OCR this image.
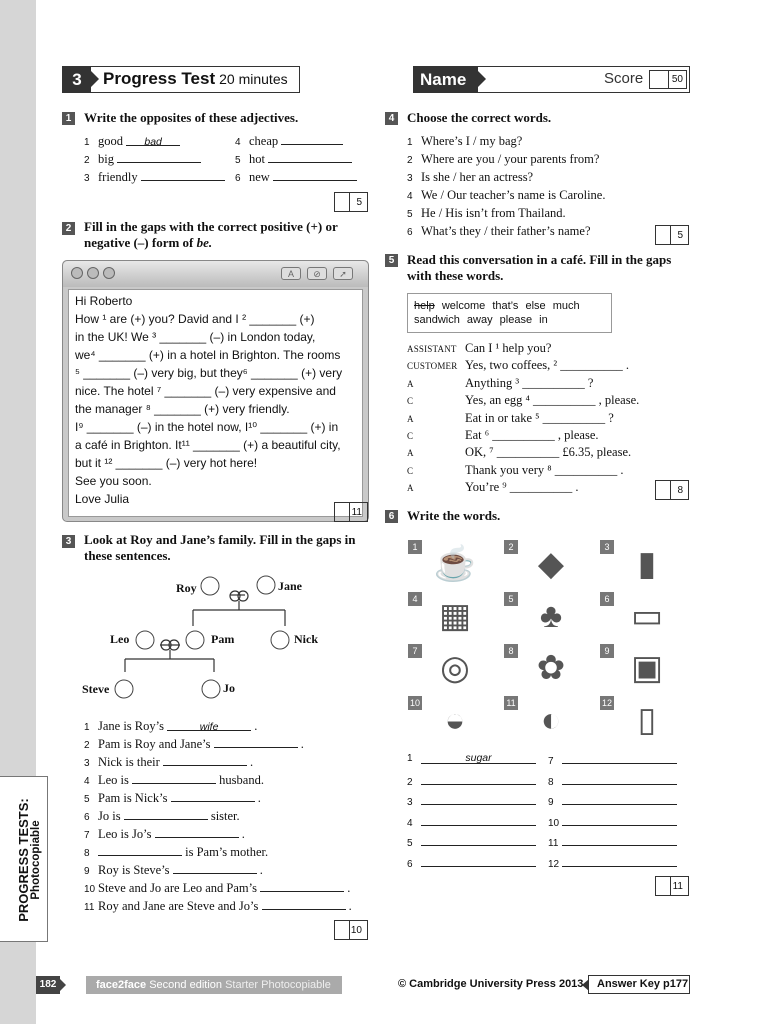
PROGRESS TESTS: Photocopiable
3	Progress Test 20 minutes	Name	Score	50
1 Write the opposites of these adjectives.
5
2 Fill in the gaps with the correct positive (+) or
negative (–) form of be.
A	⊘	➚
Hi Roberto
How ¹ are (+) you? David and I ² _______ (+)
in the UK! We ³ _______ (–) in London today,
we⁴ _______ (+) in a hotel in Brighton. The rooms
⁵ _______ (–) very big, but they⁶ _______ (+) very
nice. The hotel ⁷ _______ (–) very expensive and
the manager ⁸ _______ (+) very friendly.
I⁹ _______ (–) in the hotel now, I¹⁰ _______ (+) in
a café in Brighton. It¹¹ _______ (+) a beautiful city,
but it ¹² _______ (–) very hot here!
See you soon.
Love Julia
11
3 Look at Roy and Jane’s family. Fill in the gaps in
these sentences.
Roy	Jane
Leo	Pam	Nick
Steve	Jo
10
4 Choose the correct words.
5
5 Read this conversation in a café. Fill in the gaps
with these words.
help welcome that’s else much sandwich away please in
8
6 Write the words.
11
182	face2face Second edition Starter Photocopiable	© Cambridge University Press 2013	Answer Key p177
1 good bad
2 big
3 friendly
4 cheap
5 hot
6 new
1 Jane is Roy’s	wife	.
2 Pam is Roy and Jane’s	.
3 Nick is their	.
4 Leo is	husband.
5 Pam is Nick’s	.
6 Jo is	sister.
7 Leo is Jo’s	.
8	is Pam’s mother.
9 Roy is Steve’s	.
10 Steve and Jo are Leo and Pam’s	.
11 Roy and Jane are Steve and Jo’s	.
1 Where’s I / my bag?
2 Where are you / your parents from?
3 Is she / her an actress?
4 We / Our teacher’s name is Caroline.
5 He / His isn’t from Thailand.
6 What’s they / their father’s name?
ASSISTANT Can I ¹ help you?
CUSTOMER Yes, two coffees, ² __________ .
A	Anything ³ __________ ?
C	Yes, an egg ⁴ __________ , please.
A	Eat in or take ⁵ __________ ?
C	Eat ⁶ __________ , please.
A	OK, ⁷ __________ £6.35, please.
C	Thank you very ⁸ __________ .
A	You’re ⁹ __________ .
1 ☕	2 ◆	3 ▮
4 ▦	5 ♣	6 ▭
7 ◎	8 ✿	9 ▣
10 ◒	11 ◐	12 ▯
1	sugar
2
3
4
5
6
7
8
9
10
11
12
